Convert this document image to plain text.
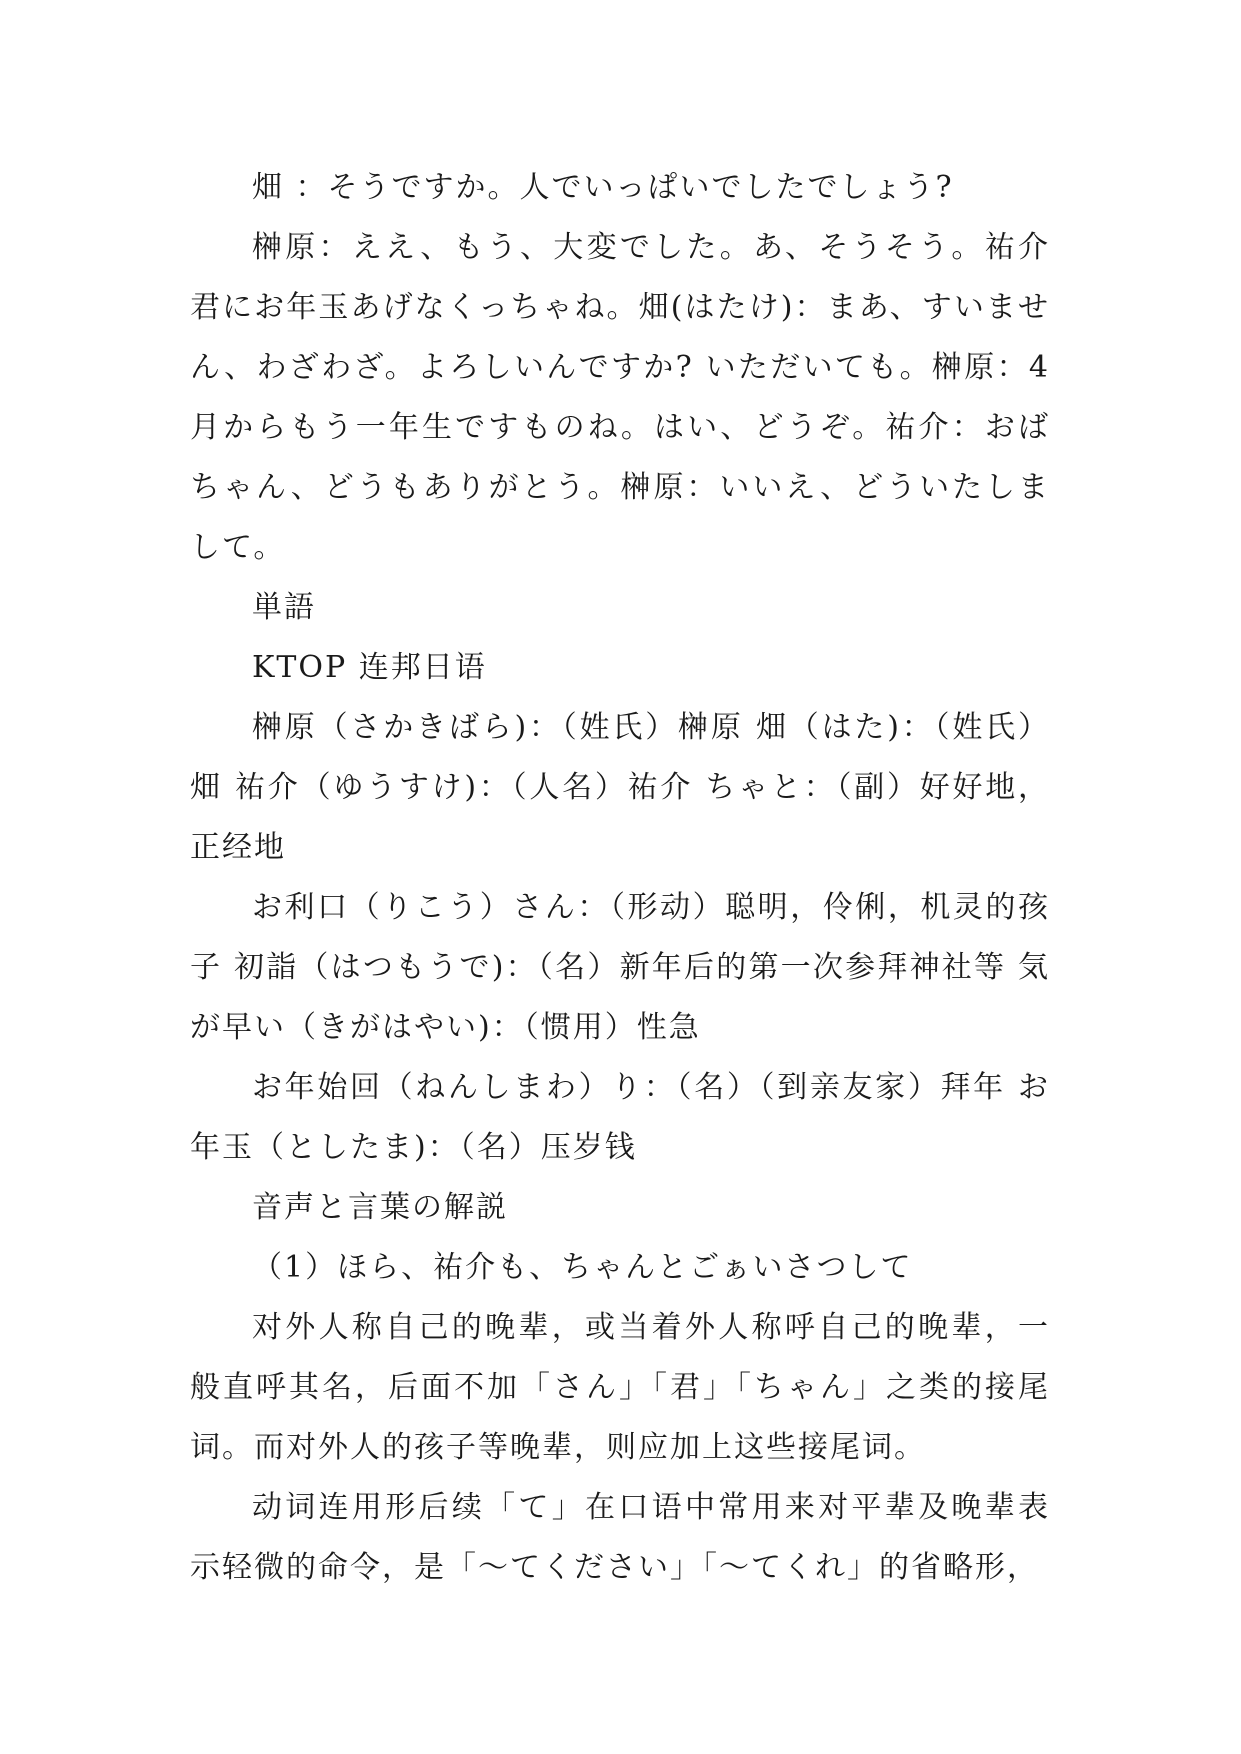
畑 ：そうですか。人でいっぱいでしたでしょう?

榊原：ええ、もう、大変でした。あ、そうそう。祐介君にお年玉あげなくっちゃね。畑(はたけ)：まあ、すいません、わざわざ。よろしいんですか? いただいても。榊原：4月からもう一年生ですものね。はい、どうぞ。祐介：おばちゃん、どうもありがとう。榊原：いいえ、どういたしまして。

単語

KTOP 连邦日语

榊原（さかきばら)：（姓氏）榊原 畑（はた)：（姓氏）畑 祐介（ゆうすけ)：（人名）祐介 ちゃと：（副）好好地，正经地

お利口（りこう）さん：（形动）聪明，伶俐，机灵的孩子 初詣（はつもうで)：（名）新年后的第一次参拜神社等 気が早い（きがはやい)：（惯用）性急

お年始回（ねんしまわ）り：（名）（到亲友家）拜年 お年玉（としたま)：（名）压岁钱

音声と言葉の解説

（1）ほら、祐介も、ちゃんとごぁいさつして

对外人称自己的晚辈，或当着外人称呼自己的晚辈，一般直呼其名，后面不加「さん」「君」「ちゃん」之类的接尾词。而对外人的孩子等晚辈，则应加上这些接尾词。

动词连用形后续「て」在口语中常用来对平辈及晚辈表示轻微的命令，是「～てください」「～てくれ」的省略形，
